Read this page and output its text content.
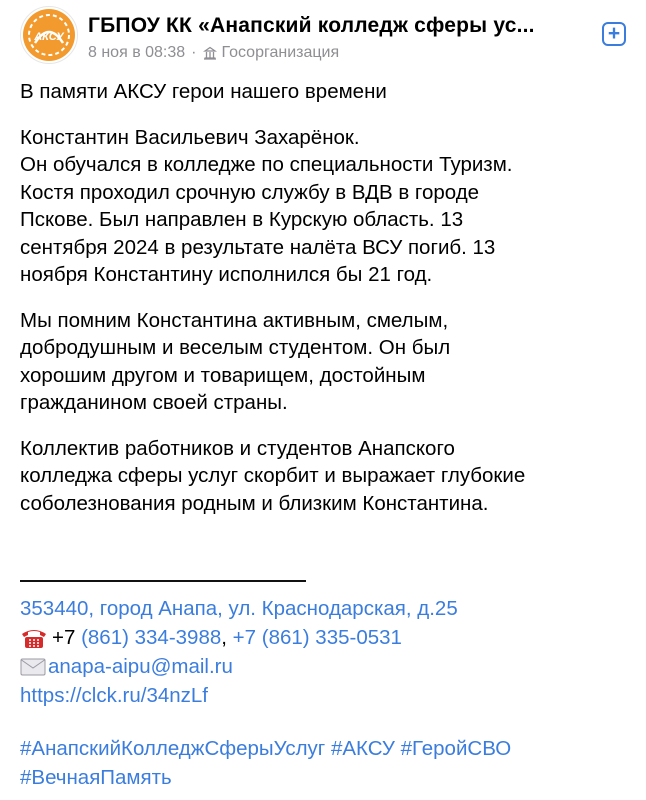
АКСУ ГБПОУ КК «Анапский колледж сферы ус...
8 ноя в 08:38 · Госорганизация
+
В памяти АКСУ герои нашего времени
Константин Васильевич Захарёнок.
Он обучался в колледже по специальности Туризм.
Костя проходил срочную службу в ВДВ в городе
Пскове. Был направлен в Курскую область. 13
сентября 2024 в результате налёта ВСУ погиб. 13
ноября Константину исполнился бы 21 год.
Мы помним Константина активным, смелым,
добродушным и веселым студентом. Он был
хорошим другом и товарищем, достойным
гражданином своей страны.
Коллектив работников и студентов Анапского
колледжа сферы услуг скорбит и выражает глубокие
соболезнования родным и близким Константина.
353440, город Анапа, ул. Краснодарская, д.25
+7
(861) 334-3988 , +7 (861) 335-0531
anapa-aipu@mail.ru
https://clck.ru/34nzLf
#АнапскийКолледжСферыУслуг #АКСУ #ГеройСВО
#ВечнаяПамять
